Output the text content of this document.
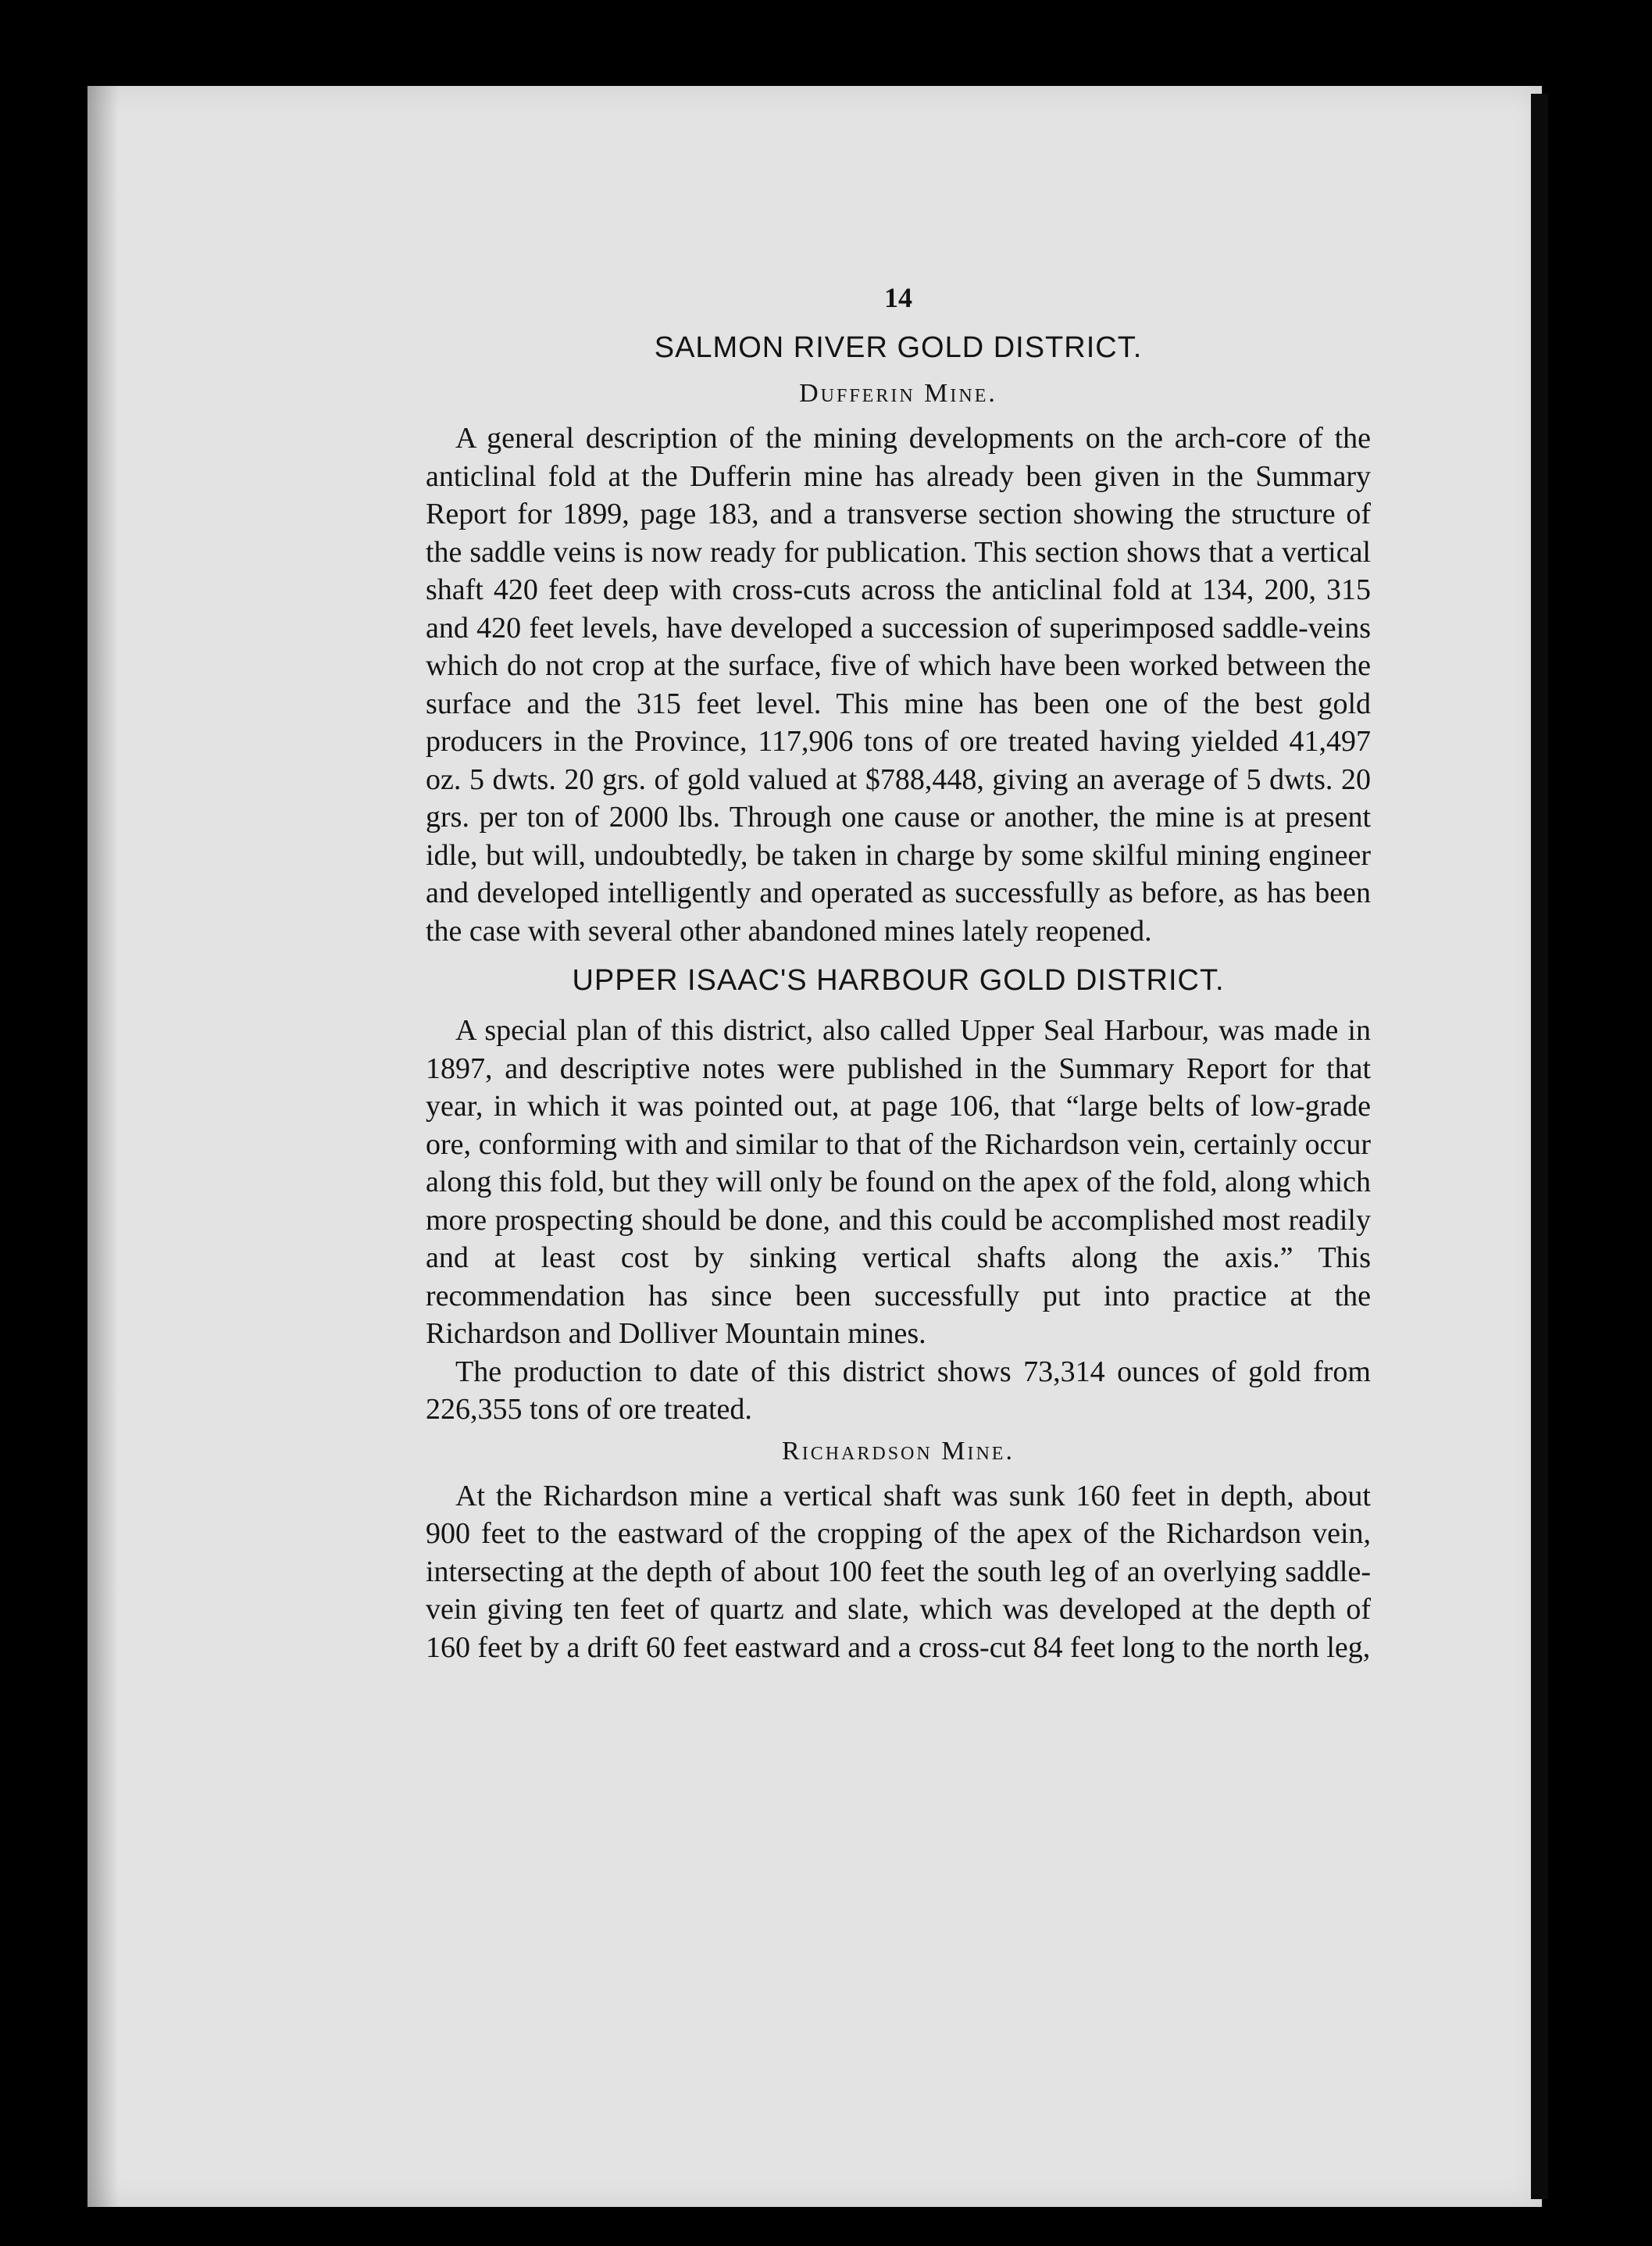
14
SALMON RIVER GOLD DISTRICT.
Dufferin Mine.

A general description of the mining developments on the arch-core of the anticlinal fold at the Dufferin mine has already been given in the Summary Report for 1899, page 183, and a transverse section showing the structure of the saddle veins is now ready for publication. This section shows that a vertical shaft 420 feet deep with cross-cuts across the anticlinal fold at 134, 200, 315 and 420 feet levels, have developed a succession of superimposed saddle-veins which do not crop at the surface, five of which have been worked between the surface and the 315 feet level. This mine has been one of the best gold producers in the Province, 117,906 tons of ore treated having yielded 41,497 oz. 5 dwts. 20 grs. of gold valued at $788,448, giving an average of 5 dwts. 20 grs. per ton of 2000 lbs. Through one cause or another, the mine is at present idle, but will, undoubtedly, be taken in charge by some skilful mining engineer and developed intelligently and operated as successfully as before, as has been the case with several other abandoned mines lately reopened.

UPPER ISAAC'S HARBOUR GOLD DISTRICT.

A special plan of this district, also called Upper Seal Harbour, was made in 1897, and descriptive notes were published in the Summary Report for that year, in which it was pointed out, at page 106, that “large belts of low-grade ore, conforming with and similar to that of the Richardson vein, certainly occur along this fold, but they will only be found on the apex of the fold, along which more prospecting should be done, and this could be accomplished most readily and at least cost by sinking vertical shafts along the axis.” This recommendation has since been successfully put into practice at the Richardson and Dolliver Mountain mines.

The production to date of this district shows 73,314 ounces of gold from 226,355 tons of ore treated.

Richardson Mine.

At the Richardson mine a vertical shaft was sunk 160 feet in depth, about 900 feet to the eastward of the cropping of the apex of the Richardson vein, intersecting at the depth of about 100 feet the south leg of an overlying saddle-vein giving ten feet of quartz and slate, which was developed at the depth of 160 feet by a drift 60 feet eastward and a cross-cut 84 feet long to the north leg,
